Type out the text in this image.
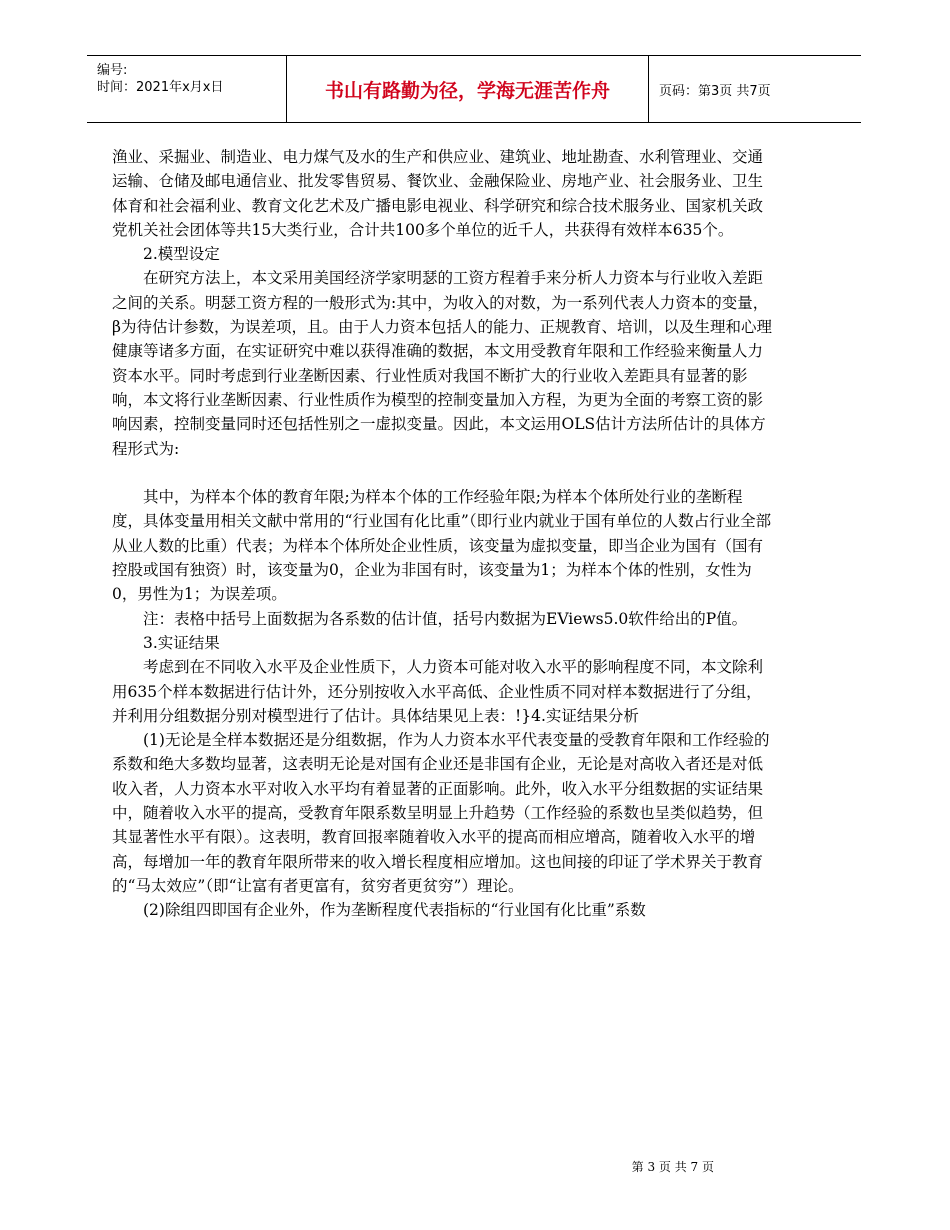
编号:
时间：2021年x月x日	书山有路勤为径，学海无涯苦作舟	页码：第3页 共7页

渔业、采掘业、制造业、电力煤气及水的生产和供应业、建筑业、地址勘查、水利管理业、交通运输、仓储及邮电通信业、批发零售贸易、餐饮业、金融保险业、房地产业、社会服务业、卫生体育和社会福利业、教育文化艺术及广播电影电视业、科学研究和综合技术服务业、国家机关政党机关社会团体等共15大类行业，合计共100多个单位的近千人，共获得有效样本635个。

2.模型设定

在研究方法上，本文采用美国经济学家明瑟的工资方程着手来分析人力资本与行业收入差距之间的关系。明瑟工资方程的一般形式为:其中，为收入的对数，为一系列代表人力资本的变量，β为待估计参数，为误差项，且。由于人力资本包括人的能力、正规教育、培训，以及生理和心理健康等诸多方面，在实证研究中难以获得准确的数据，本文用受教育年限和工作经验来衡量人力资本水平。同时考虑到行业垄断因素、行业性质对我国不断扩大的行业收入差距具有显著的影响，本文将行业垄断因素、行业性质作为模型的控制变量加入方程，为更为全面的考察工资的影响因素，控制变量同时还包括性别之一虚拟变量。因此，本文运用OLS估计方法所估计的具体方程形式为:

其中，为样本个体的教育年限;为样本个体的工作经验年限;为样本个体所处行业的垄断程度，具体变量用相关文献中常用的“行业国有化比重”（即行业内就业于国有单位的人数占行业全部从业人数的比重）代表；为样本个体所处企业性质，该变量为虚拟变量，即当企业为国有（国有控股或国有独资）时，该变量为0，企业为非国有时，该变量为1；为样本个体的性别，女性为0，男性为1；为误差项。

注：表格中括号上面数据为各系数的估计值，括号内数据为EViews5.0软件给出的P值。

3.实证结果

考虑到在不同收入水平及企业性质下，人力资本可能对收入水平的影响程度不同，本文除利用635个样本数据进行估计外，还分别按收入水平高低、企业性质不同对样本数据进行了分组，并利用分组数据分别对模型进行了估计。具体结果见上表：!}4.实证结果分析

(1)无论是全样本数据还是分组数据，作为人力资本水平代表变量的受教育年限和工作经验的系数和绝大多数均显著，这表明无论是对国有企业还是非国有企业，无论是对高收入者还是对低收入者，人力资本水平对收入水平均有着显著的正面影响。此外，收入水平分组数据的实证结果中，随着收入水平的提高，受教育年限系数呈明显上升趋势（工作经验的系数也呈类似趋势，但其显著性水平有限）。这表明，教育回报率随着收入水平的提高而相应增高，随着收入水平的增高，每增加一年的教育年限所带来的收入增长程度相应增加。这也间接的印证了学术界关于教育的“马太效应”（即“让富有者更富有，贫穷者更贫穷”）理论。

(2)除组四即国有企业外，作为垄断程度代表指标的“行业国有化比重”系数

第 3 页 共 7 页
